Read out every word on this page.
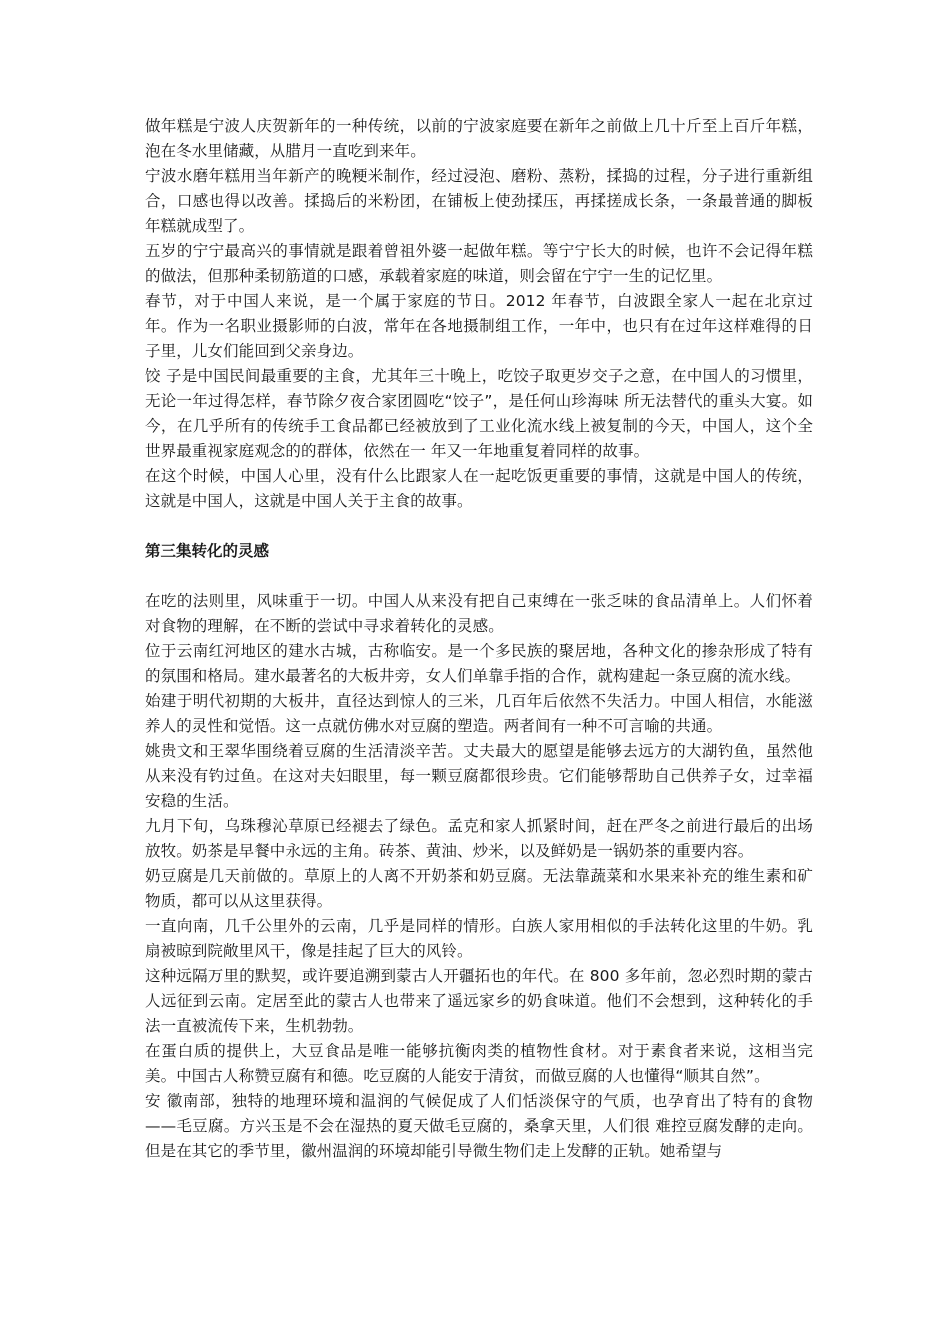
做年糕是宁波人庆贺新年的一种传统，以前的宁波家庭要在新年之前做上几十斤至上百斤年糕，泡在冬水里储藏，从腊月一直吃到来年。

宁波水磨年糕用当年新产的晚粳米制作，经过浸泡、磨粉、蒸粉，揉捣的过程，分子进行重新组合，口感也得以改善。揉捣后的米粉团，在铺板上使劲揉压，再揉搓成长条，一条最普通的脚板年糕就成型了。

五岁的宁宁最高兴的事情就是跟着曾祖外婆一起做年糕。等宁宁长大的时候，也许不会记得年糕的做法，但那种柔韧筋道的口感，承载着家庭的味道，则会留在宁宁一生的记忆里。

春节，对于中国人来说，是一个属于家庭的节日。2012 年春节，白波跟全家人一起在北京过年。作为一名职业摄影师的白波，常年在各地摄制组工作，一年中，也只有在过年这样难得的日子里，儿女们能回到父亲身边。

饺 子是中国民间最重要的主食，尤其年三十晚上，吃饺子取更岁交子之意，在中国人的习惯里，无论一年过得怎样，春节除夕夜合家团圆吃“饺子”，是任何山珍海味 所无法替代的重头大宴。如今，在几乎所有的传统手工食品都已经被放到了工业化流水线上被复制的今天，中国人，这个全世界最重视家庭观念的的群体，依然在一 年又一年地重复着同样的故事。

在这个时候，中国人心里，没有什么比跟家人在一起吃饭更重要的事情，这就是中国人的传统，这就是中国人，这就是中国人关于主食的故事。

第三集转化的灵感

在吃的法则里，风味重于一切。中国人从来没有把自己束缚在一张乏味的食品清单上。人们怀着对食物的理解，在不断的尝试中寻求着转化的灵感。

位于云南红河地区的建水古城，古称临安。是一个多民族的聚居地，各种文化的掺杂形成了特有的氛围和格局。建水最著名的大板井旁，女人们单靠手指的合作，就构建起一条豆腐的流水线。

始建于明代初期的大板井，直径达到惊人的三米，几百年后依然不失活力。中国人相信，水能滋养人的灵性和觉悟。这一点就仿佛水对豆腐的塑造。两者间有一种不可言喻的共通。

姚贵文和王翠华围绕着豆腐的生活清淡辛苦。丈夫最大的愿望是能够去远方的大湖钓鱼，虽然他从来没有钓过鱼。在这对夫妇眼里，每一颗豆腐都很珍贵。它们能够帮助自己供养子女，过幸福安稳的生活。

九月下旬，乌珠穆沁草原已经褪去了绿色。孟克和家人抓紧时间，赶在严冬之前进行最后的出场放牧。奶茶是早餐中永远的主角。砖茶、黄油、炒米，以及鲜奶是一锅奶茶的重要内容。

奶豆腐是几天前做的。草原上的人离不开奶茶和奶豆腐。无法靠蔬菜和水果来补充的维生素和矿物质，都可以从这里获得。

一直向南，几千公里外的云南，几乎是同样的情形。白族人家用相似的手法转化这里的牛奶。乳扇被晾到院敞里风干，像是挂起了巨大的风铃。

这种远隔万里的默契，或许要追溯到蒙古人开疆拓也的年代。在 800 多年前，忽必烈时期的蒙古人远征到云南。定居至此的蒙古人也带来了遥远家乡的奶食味道。他们不会想到，这种转化的手法一直被流传下来，生机勃勃。

在蛋白质的提供上，大豆食品是唯一能够抗衡肉类的植物性食材。对于素食者来说，这相当完美。中国古人称赞豆腐有和德。吃豆腐的人能安于清贫，而做豆腐的人也懂得“顺其自然”。

安 徽南部，独特的地理环境和温润的气候促成了人们恬淡保守的气质，也孕育出了特有的食物——毛豆腐。方兴玉是不会在湿热的夏天做毛豆腐的，桑拿天里，人们很 难控豆腐发酵的走向。但是在其它的季节里，徽州温润的环境却能引导微生物们走上发酵的正轨。她希望与
